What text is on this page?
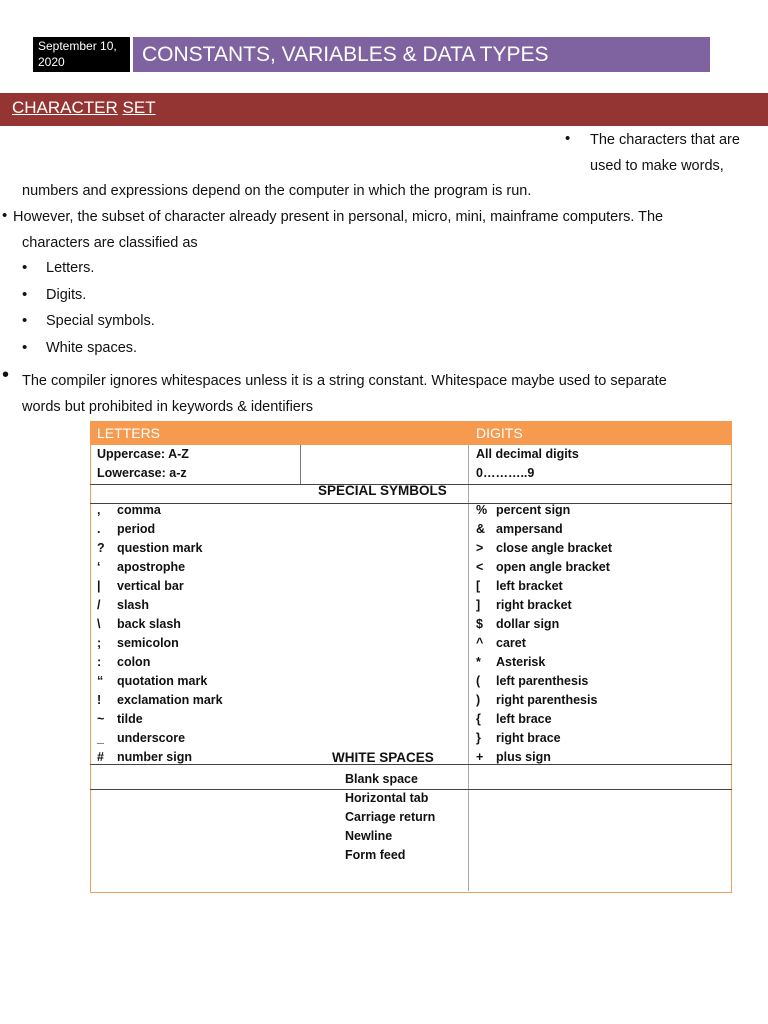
September 10,
2020	CONSTANTS, VARIABLES & DATA TYPES
CHARACTER SET
• The characters that are
used to make words,
numbers and expressions depend on the computer in which the program is run.
• However, the subset of character already present in personal, micro, mini, mainframe computers. The
characters are classified as
• Letters.
• Digits.
• Special symbols.
• White spaces.
• The compiler ignores whitespaces unless it is a string constant. Whitespace maybe used to separate
words but prohibited in keywords & identifiers
LETTERS	DIGITS
Uppercase: A-Z
Lowercase: a-z
All decimal digits
0………..9
SPECIAL SYMBOLS
, comma
. period
? question mark
‘ apostrophe
| vertical bar
/ slash
\ back slash
; semicolon
: colon
“ quotation mark
! exclamation mark
~ tilde
_ underscore
# number sign
% percent sign
& ampersand
> close angle bracket
< open angle bracket
[ left bracket
] right bracket
$ dollar sign
^ caret
* Asterisk
( left parenthesis
) right parenthesis
{ left brace
} right brace
+ plus sign
WHITE SPACES
Blank space
Horizontal tab
Carriage return
Newline
Form feed
